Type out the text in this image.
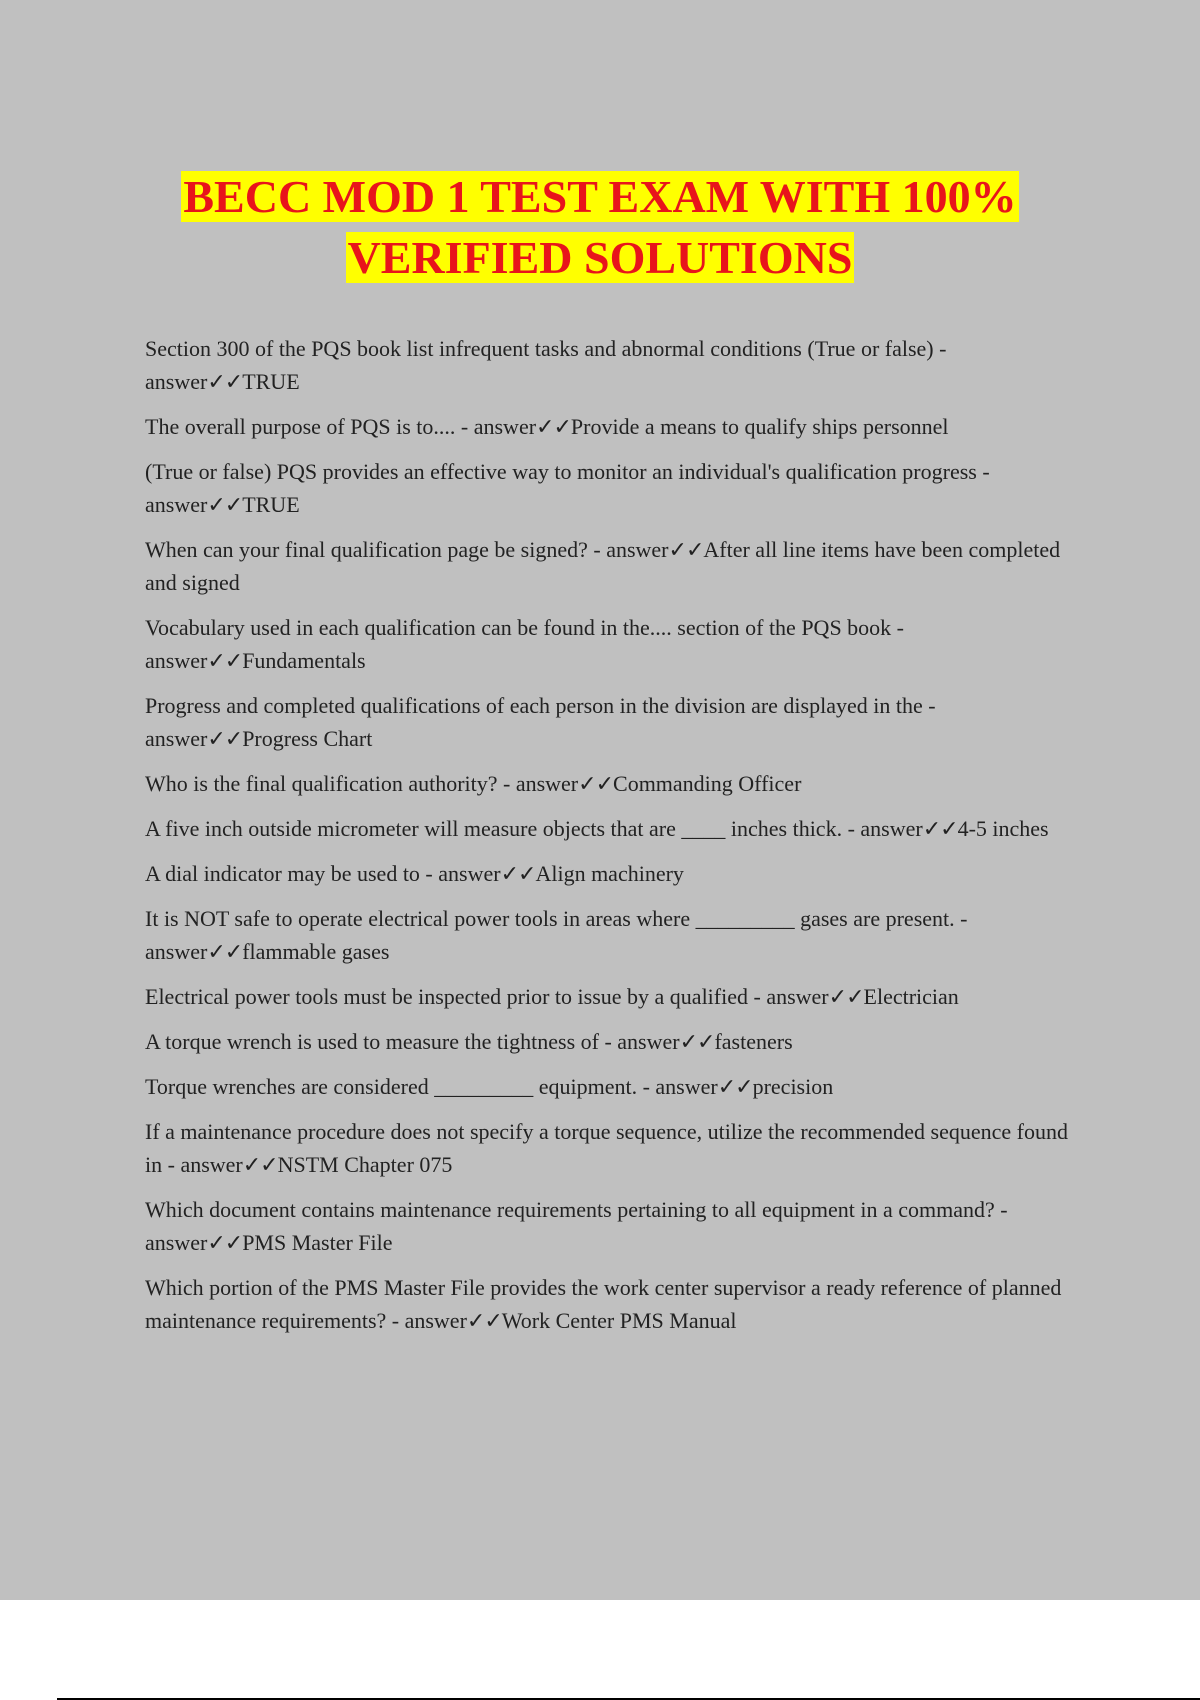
BECC MOD 1 TEST EXAM WITH 100%
VERIFIED SOLUTIONS
Section 300 of the PQS book list infrequent tasks and abnormal conditions (True or false) - answer✓✓TRUE
The overall purpose of PQS is to.... - answer✓✓Provide a means to qualify ships personnel
(True or false) PQS provides an effective way to monitor an individual's qualification progress - answer✓✓TRUE
When can your final qualification page be signed? - answer✓✓After all line items have been completed and signed
Vocabulary used in each qualification can be found in the.... section of the PQS book - answer✓✓Fundamentals
Progress and completed qualifications of each person in the division are displayed in the - answer✓✓Progress Chart
Who is the final qualification authority? - answer✓✓Commanding Officer
A five inch outside micrometer will measure objects that are ____ inches thick. - answer✓✓4-5 inches
A dial indicator may be used to - answer✓✓Align machinery
It is NOT safe to operate electrical power tools in areas where _________ gases are present. - answer✓✓flammable gases
Electrical power tools must be inspected prior to issue by a qualified - answer✓✓Electrician
A torque wrench is used to measure the tightness of - answer✓✓fasteners
Torque wrenches are considered _________ equipment. - answer✓✓precision
If a maintenance procedure does not specify a torque sequence, utilize the recommended sequence found in - answer✓✓NSTM Chapter 075
Which document contains maintenance requirements pertaining to all equipment in a command? - answer✓✓PMS Master File
Which portion of the PMS Master File provides the work center supervisor a ready reference of planned maintenance requirements? - answer✓✓Work Center PMS Manual
